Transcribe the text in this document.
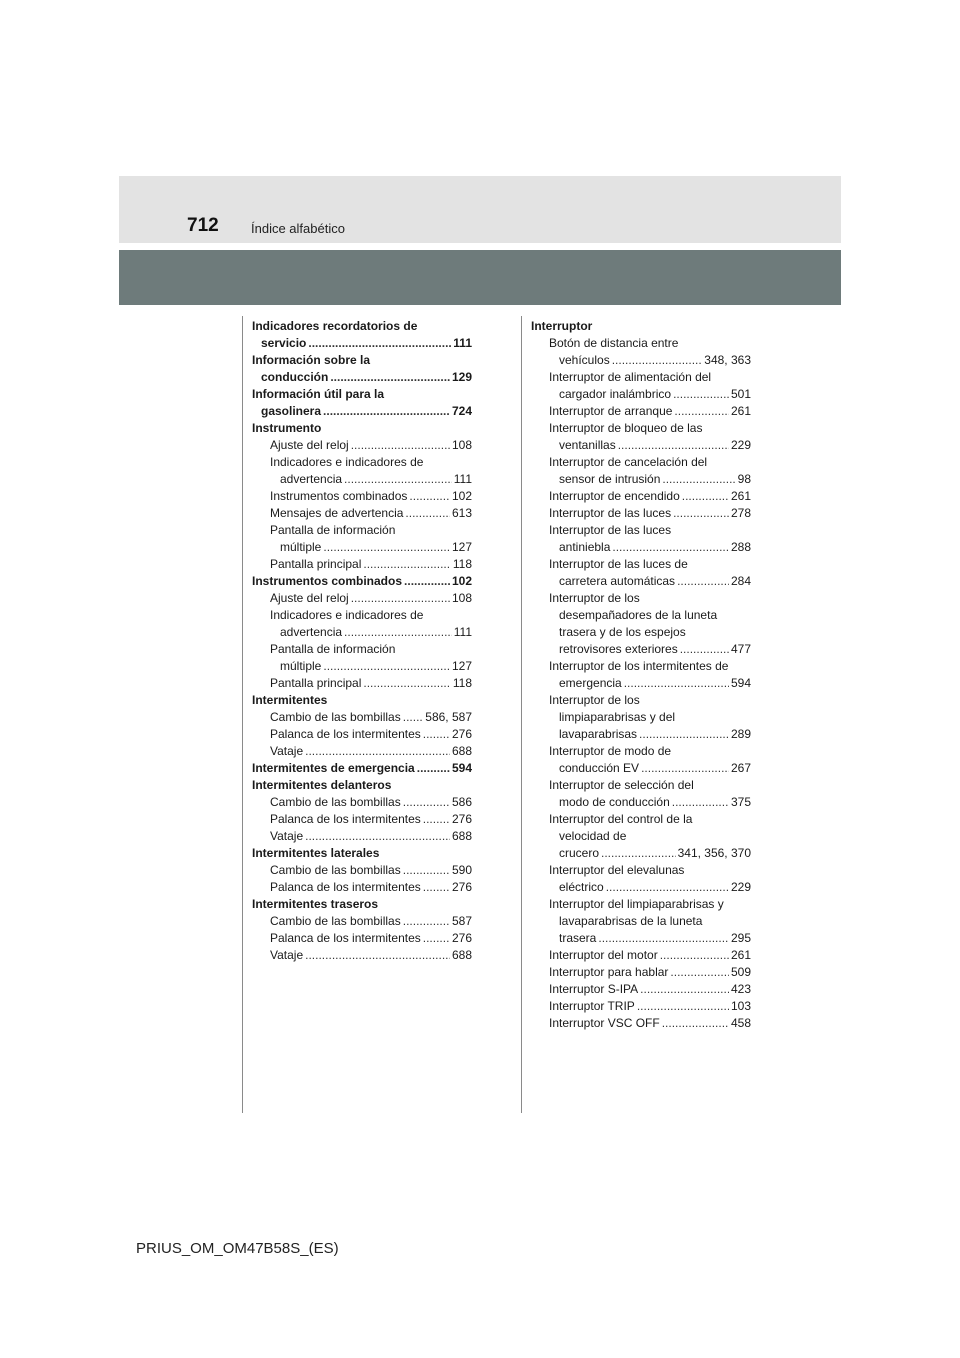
712 Índice alfabético
Indicadores recordatorios de
servicio .....	111
Información sobre la
conducción .....	129
Información útil para la
gasolinera .....	724
Instrumento
Ajuste del reloj .....	108
Indicadores e indicadores de
advertencia .....	111
Instrumentos combinados .....	102
Mensajes de advertencia .....	613
Pantalla de información
múltiple .....	127
Pantalla principal .....	118
Instrumentos combinados .....	102
Ajuste del reloj .....	108
Indicadores e indicadores de
advertencia .....	111
Pantalla de información
múltiple .....	127
Pantalla principal .....	118
Intermitentes
Cambio de las bombillas ..... 586, 587
Palanca de los intermitentes .....	276
Vataje .....	688
Intermitentes de emergencia .....	594
Intermitentes delanteros
Cambio de las bombillas .....	586
Palanca de los intermitentes .....	276
Vataje .....	688
Intermitentes laterales
Cambio de las bombillas .....	590
Palanca de los intermitentes .....	276
Intermitentes traseros
Cambio de las bombillas .....	587
Palanca de los intermitentes .....	276
Vataje .....	688
Interruptor
Botón de distancia entre
vehículos .....	348, 363
Interruptor de alimentación del
cargador inalámbrico .....	501
Interruptor de arranque .....	261
Interruptor de bloqueo de las
ventanillas .....	229
Interruptor de cancelación del
sensor de intrusión .....	98
Interruptor de encendido .....	261
Interruptor de las luces .....	278
Interruptor de las luces
antiniebla .....	288
Interruptor de las luces de
carretera automáticas .....	284
Interruptor de los
desempañadores de la luneta
trasera y de los espejos
retrovisores exteriores .....	477
Interruptor de los intermitentes de
emergencia .....	594
Interruptor de los
limpiaparabrisas y del
lavaparabrisas .....	289
Interruptor de modo de
conducción EV .....	267
Interruptor de selección del
modo de conducción .....	375
Interruptor del control de la
velocidad de
crucero .....	341, 356, 370
Interruptor del elevalunas
eléctrico .....	229
Interruptor del limpiaparabrisas y
lavaparabrisas de la luneta
trasera .....	295
Interruptor del motor .....	261
Interruptor para hablar .....	509
Interruptor S-IPA .....	423
Interruptor TRIP .....	103
Interruptor VSC OFF .....	458
PRIUS_OM_OM47B58S_(ES)
